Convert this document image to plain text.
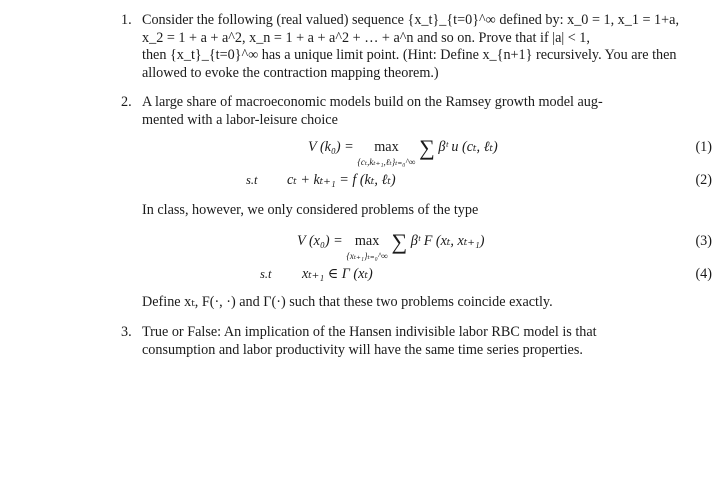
1. Consider the following (real valued) sequence {x_t}_{t=0}^∞ defined by: x_0 = 1, x_1 = 1+a,
x_2 = 1 + a + a^2, x_n = 1 + a + a^2 + … + a^n and so on. Prove that if |a| < 1,
then {x_t}_{t=0}^∞ has a unique limit point. (Hint: Define x_{n+1} recursively. You are then
allowed to evoke the contraction mapping theorem.)
2. A large share of macroeconomic models build on the Ramsey growth model aug-
mented with a labor-leisure choice
V (k₀) = max
{cₜ,kₜ₊₁,ℓₜ}ₜ₌₀^∞
∑ βᵗ u (cₜ, ℓₜ)	(1)
s.t cₜ + kₜ₊₁ = f (kₜ, ℓₜ)	(2)
In class, however, we only considered problems of the type
V (x₀) = max
{xₜ₊₁}ₜ₌₀^∞
∑ βᵗ F (xₜ, xₜ₊₁)	(3)
s.t xₜ₊₁ ∈ Γ (xₜ)	(4)
Define xₜ, F(·, ·) and Γ(·) such that these two problems coincide exactly.
3. True or False: An implication of the Hansen indivisible labor RBC model is that
consumption and labor productivity will have the same time series properties.
